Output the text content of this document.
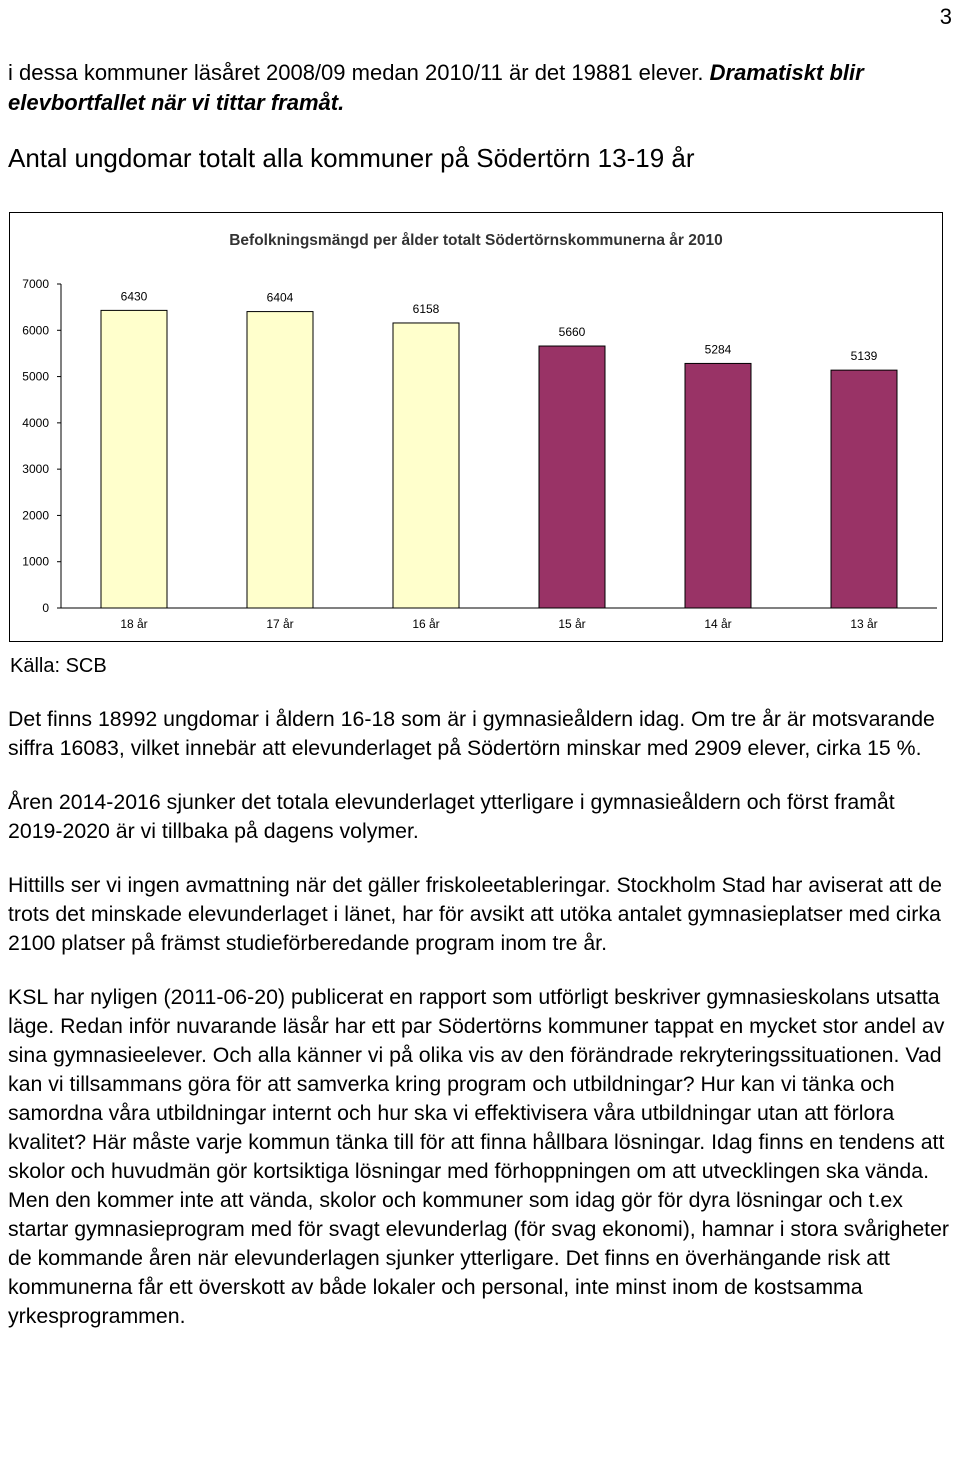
3
i dessa kommuner läsåret 2008/09 medan 2010/11 är det 19881 elever. Dramatiskt blir elevbortfallet när vi tittar framåt.
Antal ungdomar totalt alla kommuner på Södertörn 13-19 år
Befolkningsmängd per ålder totalt Södertörnskommunerna år 2010
0
1000
2000
3000
4000
5000
6000
7000
6430
18 år
6404
17 år
6158
16 år
5660
15 år
5284
14 år
5139
13 år
Källa: SCB

Det finns 18992 ungdomar i åldern 16-18 som är i gymnasieåldern idag. Om tre år är motsvarande siffra 16083, vilket innebär att elevunderlaget på Södertörn minskar med 2909 elever, cirka 15 %.

Åren 2014-2016 sjunker det totala elevunderlaget ytterligare i gymnasieåldern och först framåt 2019-2020 är vi tillbaka på dagens volymer.

Hittills ser vi ingen avmattning när det gäller friskoleetableringar. Stockholm Stad har aviserat att de trots det minskade elevunderlaget i länet, har för avsikt att utöka antalet gymnasieplatser med cirka 2100 platser på främst studieförberedande program inom tre år.

KSL har nyligen (2011-06-20) publicerat en rapport som utförligt beskriver gymnasieskolans utsatta läge. Redan inför nuvarande läsår har ett par Södertörns kommuner tappat en mycket stor andel av sina gymnasieelever. Och alla känner vi på olika vis av den förändrade rekryteringssituationen. Vad kan vi tillsammans göra för att samverka kring program och utbildningar? Hur kan vi tänka och samordna våra utbildningar internt och hur ska vi effektivisera våra utbildningar utan att förlora kvalitet? Här måste varje kommun tänka till för att finna hållbara lösningar. Idag finns en tendens att skolor och huvudmän gör kortsiktiga lösningar med förhoppningen om att utvecklingen ska vända. Men den kommer inte att vända, skolor och kommuner som idag gör för dyra lösningar och t.ex startar gymnasieprogram med för svagt elevunderlag (för svag ekonomi), hamnar i stora svårigheter de kommande åren när elevunderlagen sjunker ytterligare. Det finns en överhängande risk att kommunerna får ett överskott av både lokaler och personal, inte minst inom de kostsamma yrkesprogrammen.
